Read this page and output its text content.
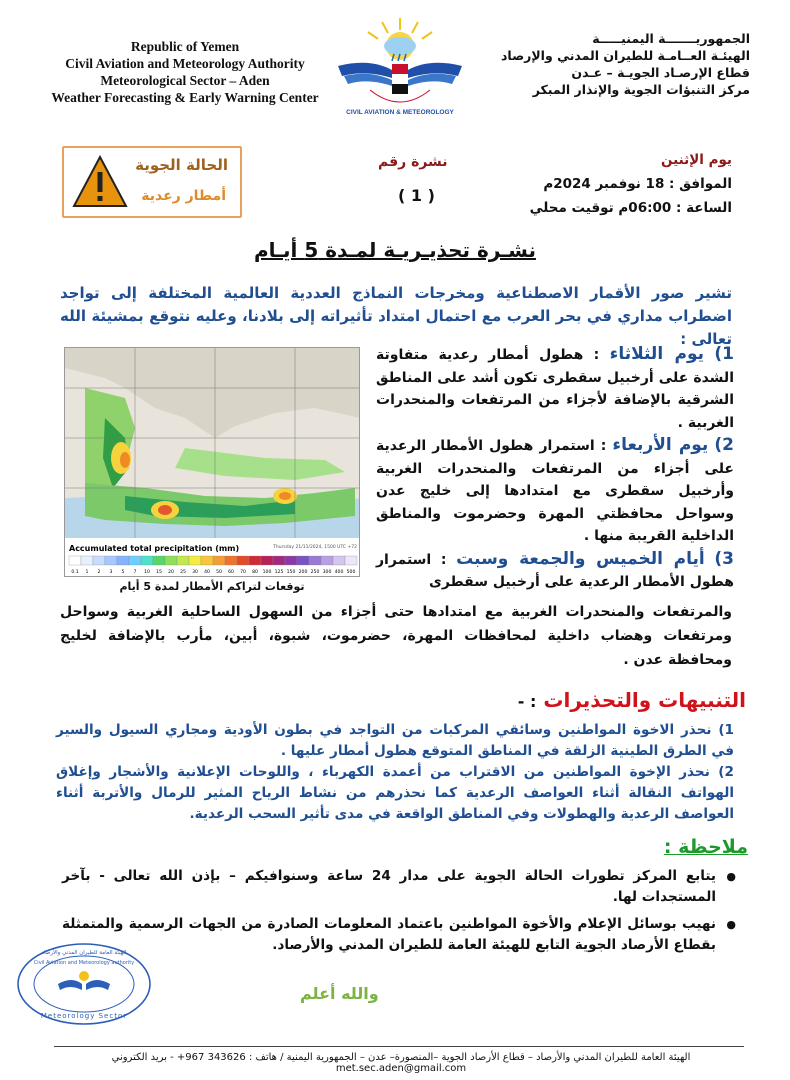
Republic of Yemen
Civil Aviation and Meteorology Authority
Meteorological Sector – Aden
Weather Forecasting & Early Warning Center
CIVIL AVIATION & METEOROLOGY
الجمهوريـــــــة اليمنيـــــة
الهيئـة العــامـة للطيران المدني والإرصاد
قطاع الإرصـاد الجويـة – عـدن
مركز التنبؤات الجوية والإنذار المبكر
الحالة الجوية
أمطار رعدية
نشرة رقم
( 1 )
يوم الإثنين
الموافق : 18 نوفمبر 2024م
الساعة : 06:00م توقيت محلي
نشـرة تحذيـريـة لمـدة 5 أيـام
تشير صور الأقمار الاصطناعية ومخرجات النماذج العددية العالمية المختلفة إلى تواجد اضطراب مداري في بحر العرب مع احتمال امتداد تأثيراته إلى بلادنا، وعليه نتوقع بمشيئة الله تعالى :
Accumulated total precipitation (mm)	Thursday 21/11/2024, 1500 UTC +72
0.1 1 2 3 5 7 10 15 20 25 30 40 50 60 70 80 100 125 150 200 250 300 400 500
توقعات لتراكم الأمطار لمدة 5 أيام

1) يوم الثلاثاء : هطول أمطار رعدية متفاوتة الشدة على أرخبيل سقطرى تكون أشد على المناطق الشرقية بالإضافة لأجزاء من المرتفعات والمنحدرات الغربية .

2) يوم الأربعاء : استمرار هطول الأمطار الرعدية على أجزاء من المرتفعات والمنحدرات الغربية وأرخبيل سقطرى مع امتدادها إلى خليج عدن وسواحل محافظتي المهرة وحضرموت والمناطق الداخلية القريبة منها .

3) أيام الخميس والجمعة وسبت : استمرار هطول الأمطار الرعدية على أرخبيل سقطرى

والمرتفعات والمنحدرات الغربية مع امتدادها حتى أجزاء من السهول الساحلية الغربية وسواحل ومرتفعات وهضاب داخلية لمحافظات المهرة، حضرموت، شبوة، أبين، مأرب بالإضافة لخليج ومحافظة عدن .
التنبيهات والتحذيرات : -

1) نحذر الاخوة المواطنين وسائقي المركبات من التواجد في بطون الأودية ومجاري السيول والسير في الطرق الطينية الزلقة في المناطق المتوقع هطول أمطار عليها .

2) نحذر الإخوة المواطنين من الاقتراب من أعمدة الكهرباء ، واللوحات الإعلانية والأشجار وإغلاق الهواتف النقالة أثناء العواصف الرعدية كما نحذرهم من نشاط الرياح المثير للرمال والأتربة أثناء العواصف الرعدية والهطولات وفي المناطق الواقعة في مدى تأثير السحب الرعدية.

ملاحظة :
● يتابع المركز تطورات الحالة الجوية على مدار 24 ساعة وسنوافيكم – بإذن الله تعالى - بآخر المستجدات لها.
● نهيب بوسائل الإعلام والأخوة المواطنين باعتماد المعلومات الصادرة من الجهات الرسمية والمتمثلة بقطاع الأرصاد الجوية التابع للهيئة العامة للطيران المدني والأرصاد.
الهيئة العامة للطيران المدني والأرصاد
Civil Aviation and Meteorology authority
Meteorology Sector
والله أعلم
الهيئة العامة للطيران المدني والأرصاد – قطاع الأرصاد الجوية –المنصورة– عدن – الجمهورية اليمنية / هاتف : 343626 967+ - بريد الكتروني met.sec.aden@gmail.com
